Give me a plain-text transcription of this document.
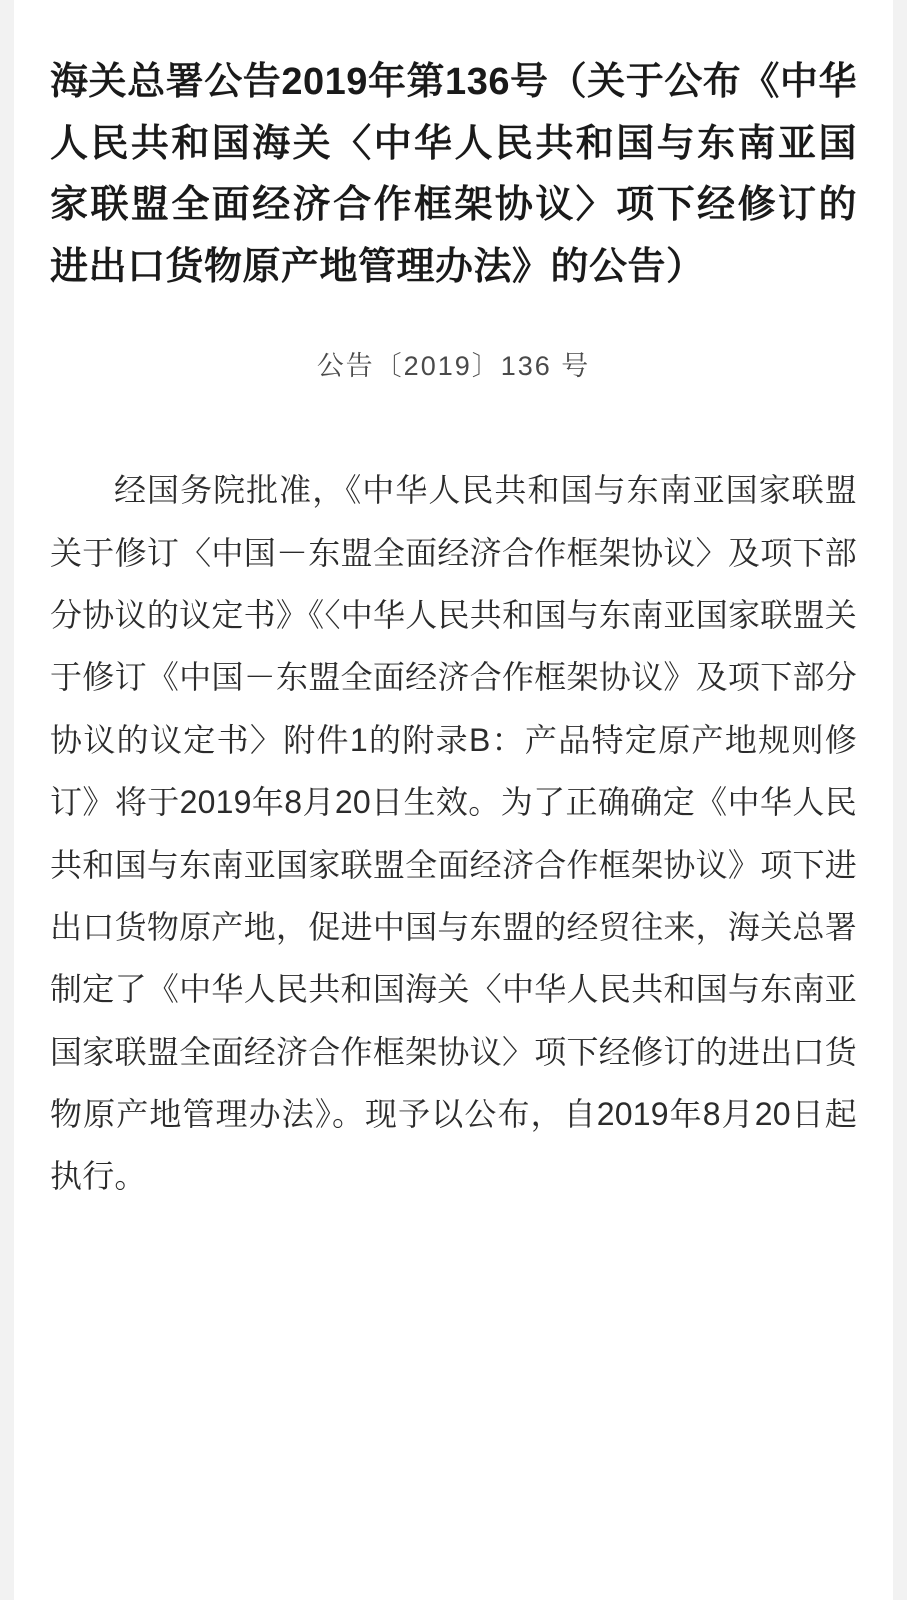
海关总署公告2019年第136号（关于公布《中华人民共和国海关〈中华人民共和国与东南亚国家联盟全面经济合作框架协议〉项下经修订的进出口货物原产地管理办法》的公告）
公告〔2019〕136 号

经国务院批准，《中华人民共和国与东南亚国家联盟关于修订〈中国－东盟全面经济合作框架协议〉及项下部分协议的议定书》《〈中华人民共和国与东南亚国家联盟关于修订《中国－东盟全面经济合作框架协议》及项下部分协议的议定书〉附件1的附录B：产品特定原产地规则修订》将于2019年8月20日生效。为了正确确定《中华人民共和国与东南亚国家联盟全面经济合作框架协议》项下进出口货物原产地，促进中国与东盟的经贸往来，海关总署制定了《中华人民共和国海关〈中华人民共和国与东南亚国家联盟全面经济合作框架协议〉项下经修订的进出口货物原产地管理办法》。现予以公布，自2019年8月20日起执行。
